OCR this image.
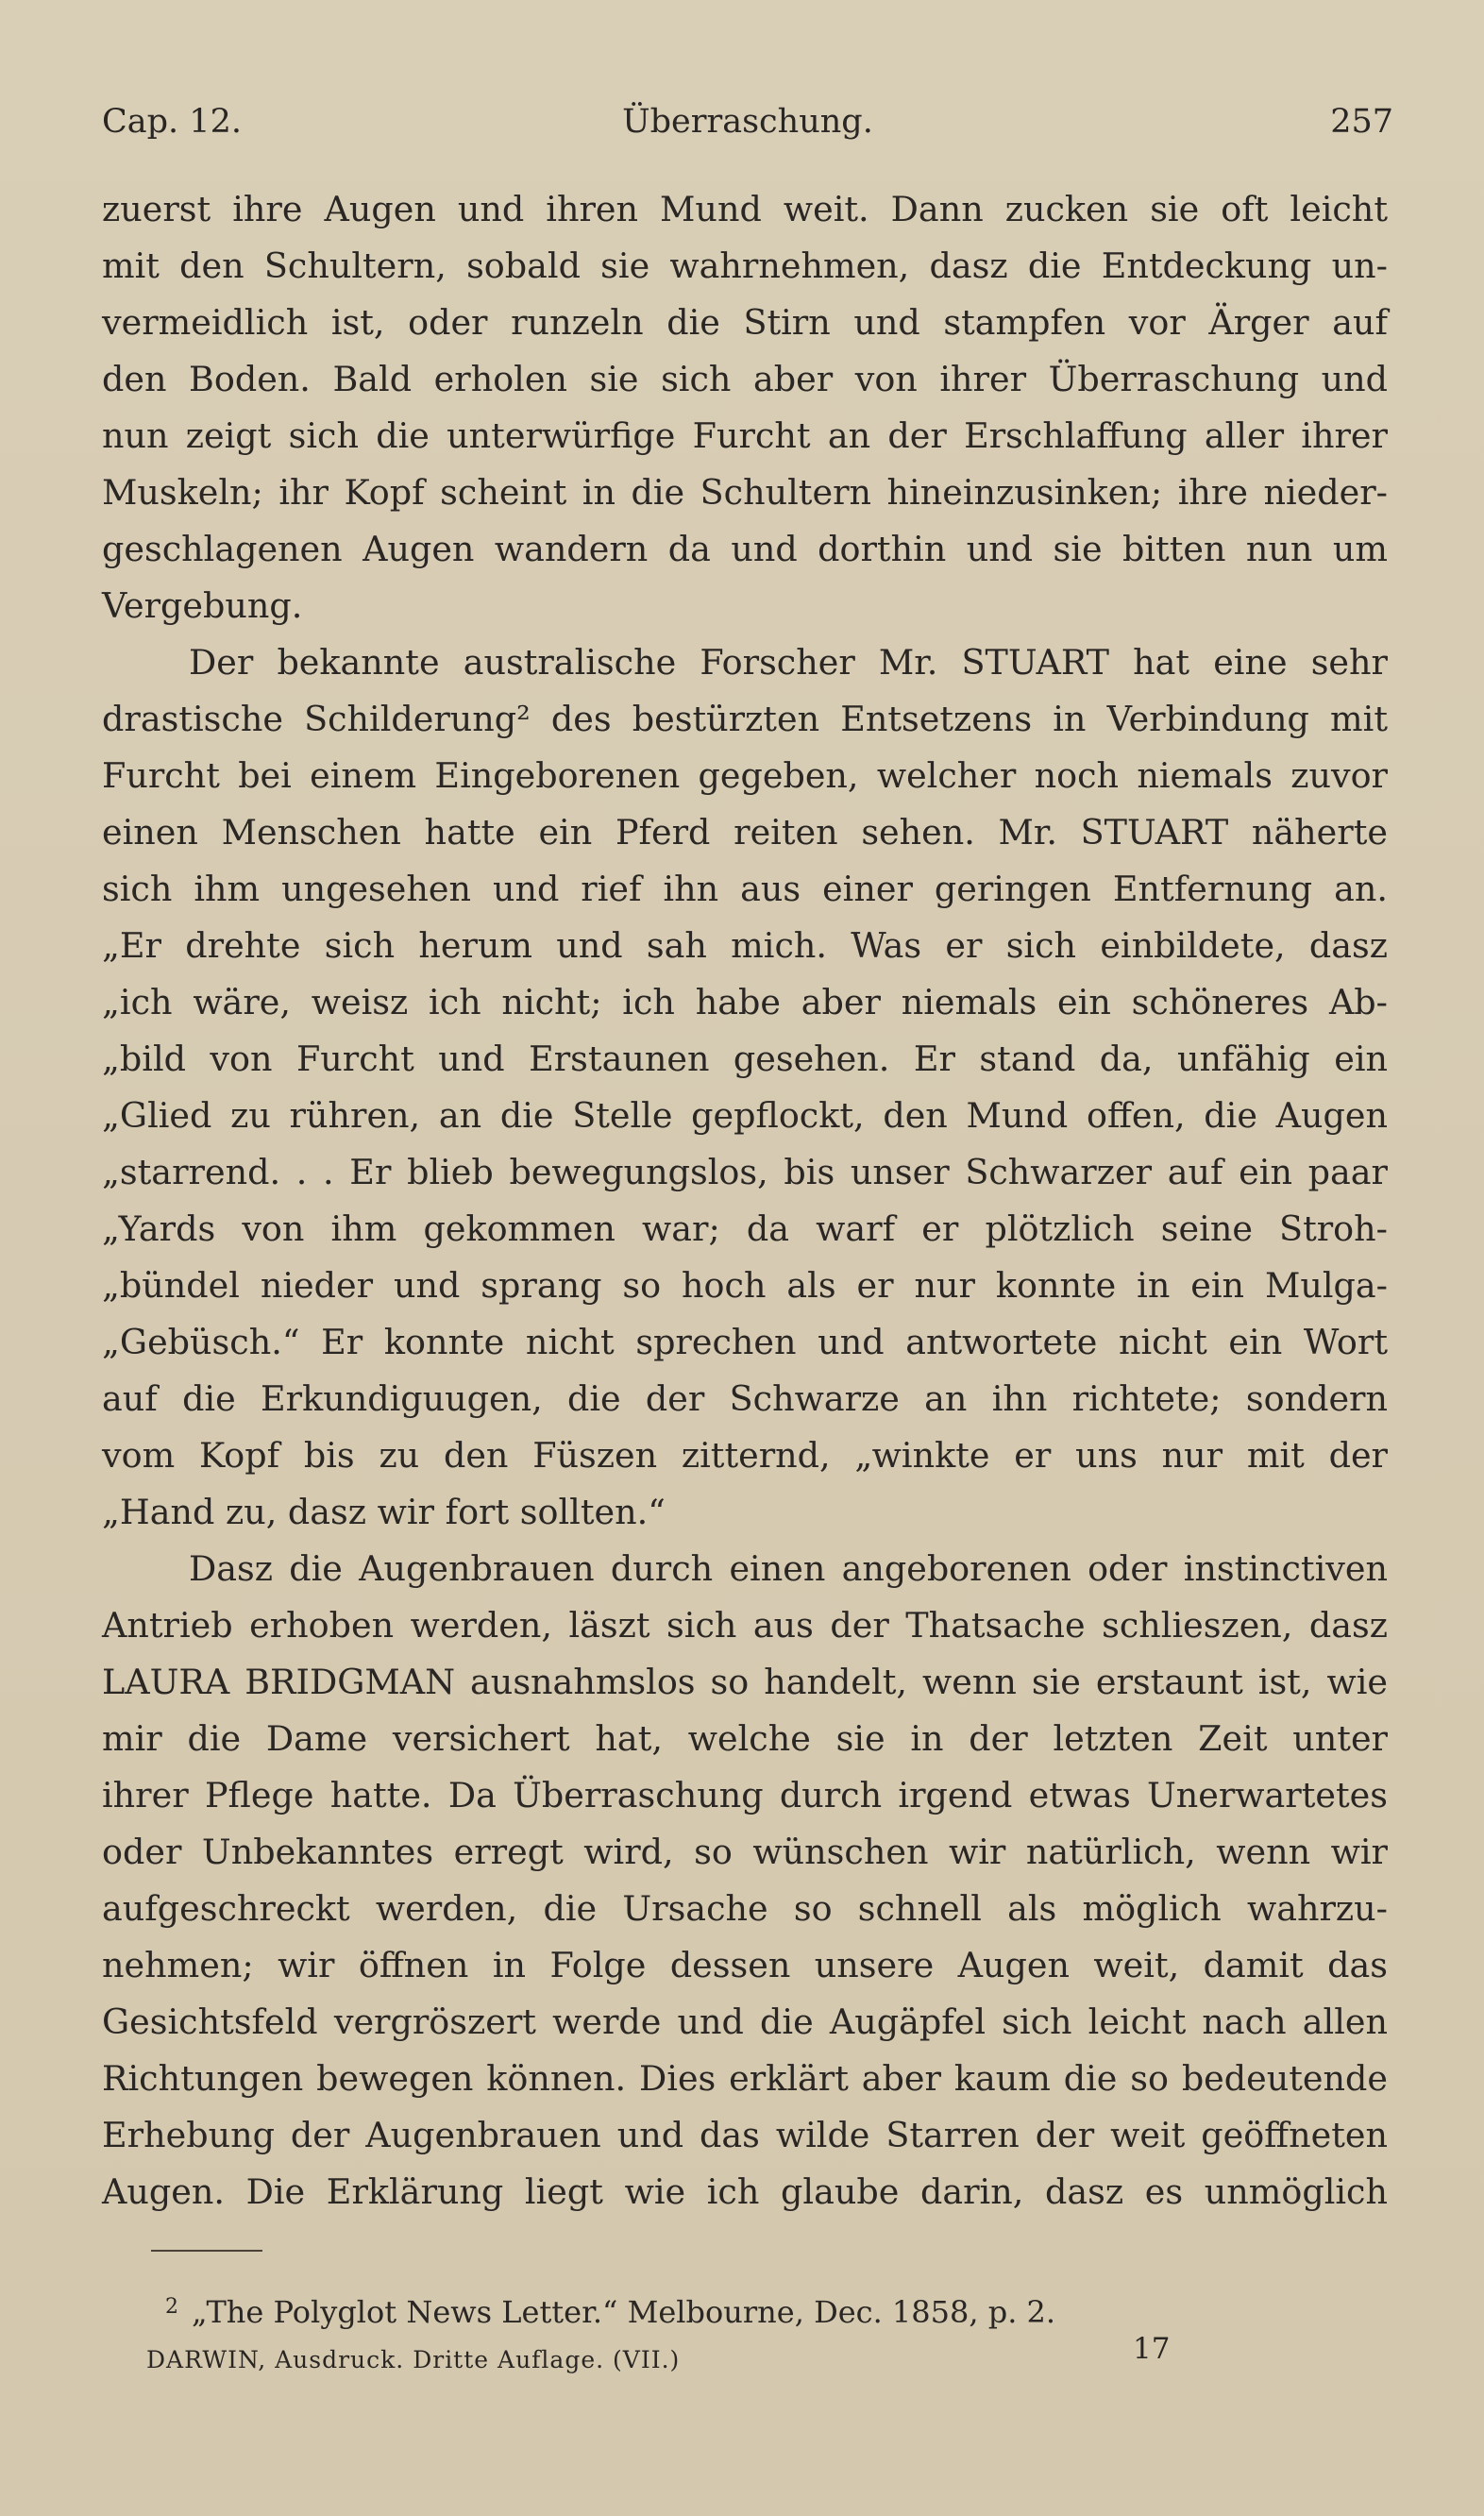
Cap. 12.	Überraschung.	257
zuerst ihre Augen und ihren Mund weit. Dann zucken sie oft leicht
mit den Schultern, sobald sie wahrnehmen, dasz die Entdeckung un-
vermeidlich ist, oder runzeln die Stirn und stampfen vor Ärger auf
den Boden. Bald erholen sie sich aber von ihrer Überraschung und
nun zeigt sich die unterwürfige Furcht an der Erschlaffung aller ihrer
Muskeln; ihr Kopf scheint in die Schultern hineinzusinken; ihre nieder-
geschlagenen Augen wandern da und dorthin und sie bitten nun um
Vergebung.
Der bekannte australische Forscher Mr. STUART hat eine sehr
drastische Schilderung² des bestürzten Entsetzens in Verbindung mit
Furcht bei einem Eingeborenen gegeben, welcher noch niemals zuvor
einen Menschen hatte ein Pferd reiten sehen. Mr. STUART näherte
sich ihm ungesehen und rief ihn aus einer geringen Entfernung an.
„Er drehte sich herum und sah mich. Was er sich einbildete, dasz
„ich wäre, weisz ich nicht; ich habe aber niemals ein schöneres Ab-
„bild von Furcht und Erstaunen gesehen. Er stand da, unfähig ein
„Glied zu rühren, an die Stelle gepflockt, den Mund offen, die Augen
„starrend. . . Er blieb bewegungslos, bis unser Schwarzer auf ein paar
„Yards von ihm gekommen war; da warf er plötzlich seine Stroh-
„bündel nieder und sprang so hoch als er nur konnte in ein Mulga-
„Gebüsch.“ Er konnte nicht sprechen und antwortete nicht ein Wort
auf die Erkundiguugen, die der Schwarze an ihn richtete; sondern
vom Kopf bis zu den Füszen zitternd, „winkte er uns nur mit der
„Hand zu, dasz wir fort sollten.“
Dasz die Augenbrauen durch einen angeborenen oder instinctiven
Antrieb erhoben werden, läszt sich aus der Thatsache schlieszen, dasz
LAURA BRIDGMAN ausnahmslos so handelt, wenn sie erstaunt ist, wie
mir die Dame versichert hat, welche sie in der letzten Zeit unter
ihrer Pflege hatte. Da Überraschung durch irgend etwas Unerwartetes
oder Unbekanntes erregt wird, so wünschen wir natürlich, wenn wir
aufgeschreckt werden, die Ursache so schnell als möglich wahrzu-
nehmen; wir öffnen in Folge dessen unsere Augen weit, damit das
Gesichtsfeld vergröszert werde und die Augäpfel sich leicht nach allen
Richtungen bewegen können. Dies erklärt aber kaum die so bedeutende
Erhebung der Augenbrauen und das wilde Starren der weit geöffneten
Augen. Die Erklärung liegt wie ich glaube darin, dasz es unmöglich
$^2$ „The Polyglot News Letter.“ Melbourne, Dec. 1858, p. 2.
DARWIN, Ausdruck. Dritte Auflage. (VII.)	17
